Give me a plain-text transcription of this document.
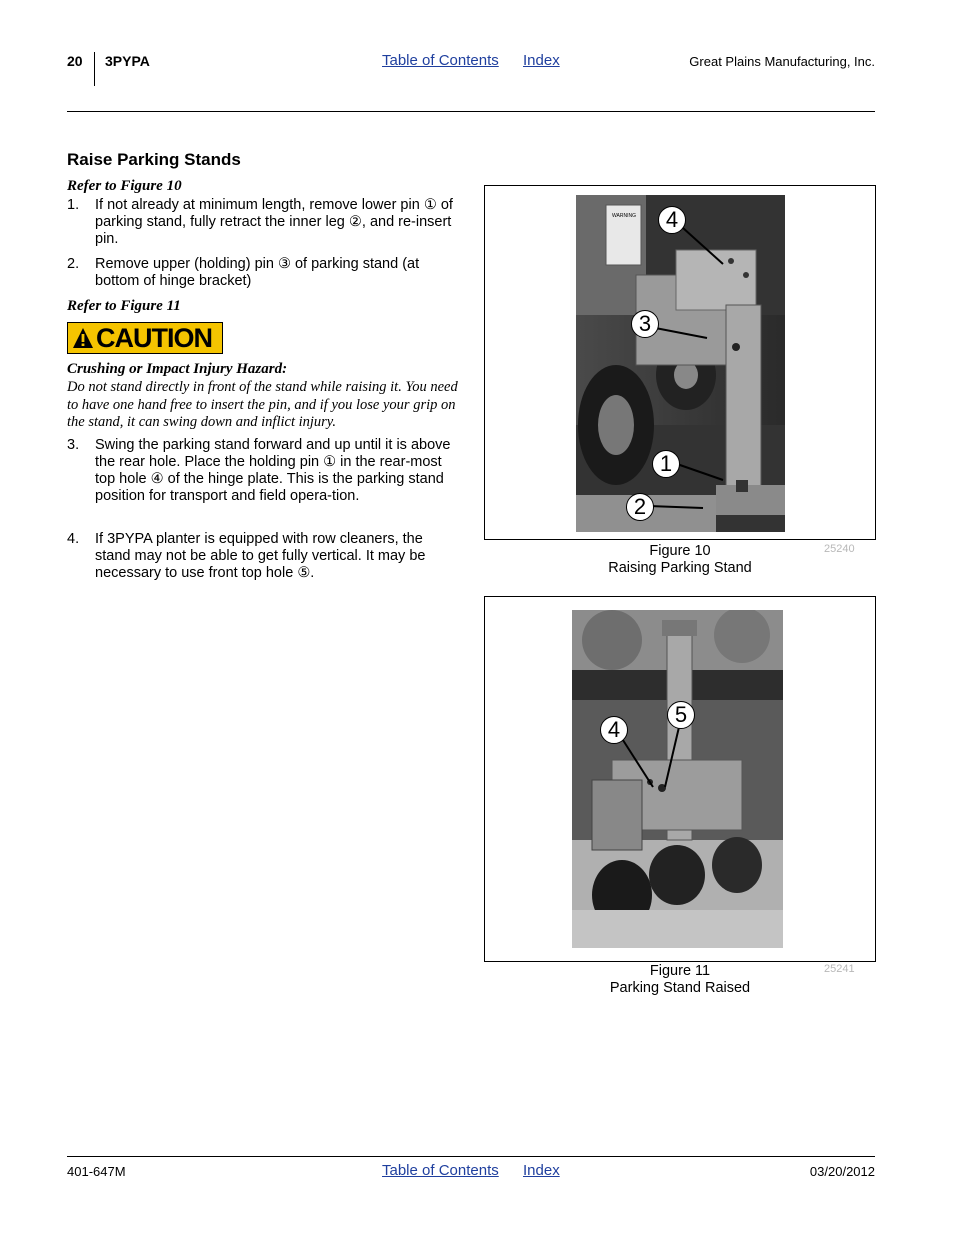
20 3PYPA	Table of Contents Index	Great Plains Manufacturing, Inc.
Raise Parking Stands
Refer to Figure 10
1. If not already at minimum length, remove lower pin ① of parking stand, fully retract the inner leg ②, and re-insert pin.
2. Remove upper (holding) pin ③ of parking stand (at bottom of hinge bracket)
Refer to Figure 11
CAUTION
Crushing or Impact Injury Hazard:
Do not stand directly in front of the stand while raising it. You need to have one hand free to insert the pin, and if you lose your grip on the stand, it can swing down and inflict injury.
3. Swing the parking stand forward and up until it is above the rear hole. Place the holding pin ① in the rear-most top hole ④ of the hinge plate. This is the parking stand position for transport and field opera-tion.
4. If 3PYPA planter is equipped with row cleaners, the stand may not be able to get fully vertical. It may be necessary to use front top hole ⑤.
WARNING	4
3
1
2
Figure 10
Raising Parking Stand
25240
4
5
Figure 11
Parking Stand Raised
25241
401-647M	Table of Contents Index	03/20/2012
